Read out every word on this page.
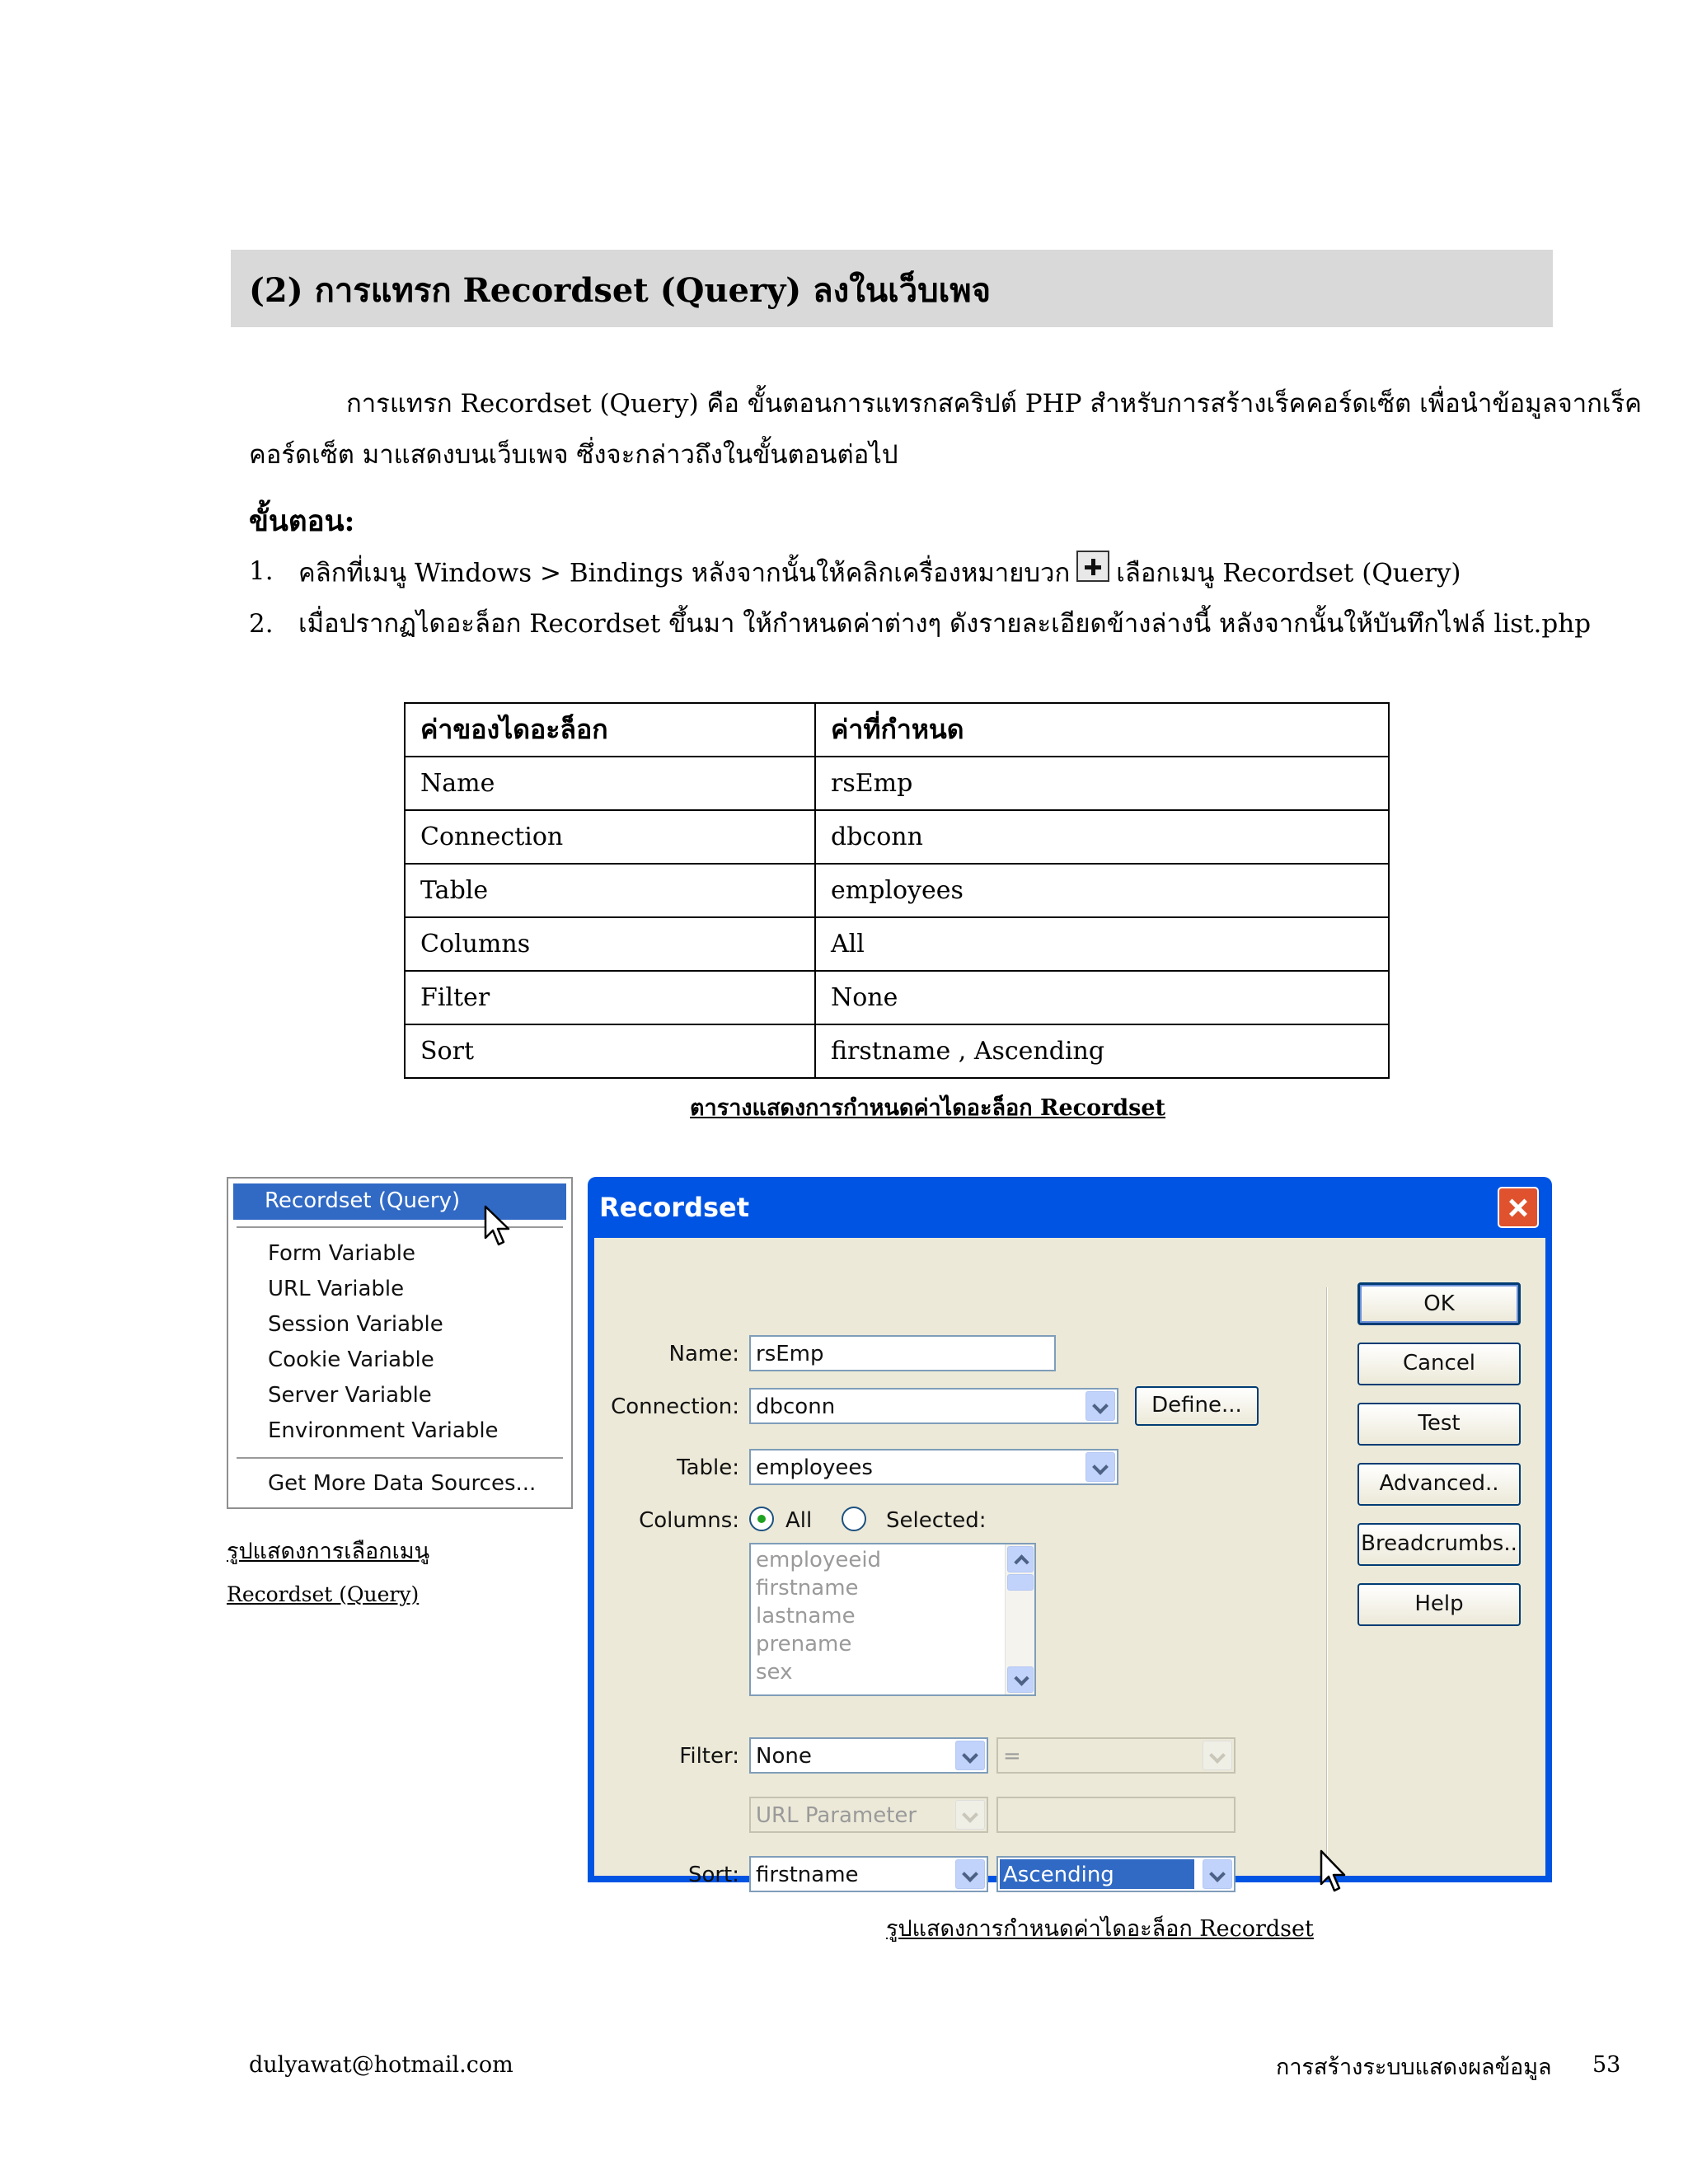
(2) การแทรก Recordset (Query) ลงในเว็บเพจ
การแทรก Recordset (Query) คือ ขั้นตอนการแทรกสคริปต์ PHP สำหรับการสร้างเร็คคอร์ดเซ็ต เพื่อนำข้อมูลจากเร็ค
คอร์ดเซ็ต มาแสดงบนเว็บเพจ ซึ่งจะกล่าวถึงในขั้นตอนต่อไป
ขั้นตอน:
1. คลิกที่เมนู Windows > Bindings หลังจากนั้นให้คลิกเครื่องหมายบวก เลือกเมนู Recordset (Query)
2. เมื่อปรากฏไดอะล็อก Recordset ขึ้นมา ให้กำหนดค่าต่างๆ ดังรายละเอียดข้างล่างนี้ หลังจากนั้นให้บันทึกไฟล์ list.php
ค่าของไดอะล็อก	ค่าที่กำหนด
Name	rsEmp
Connection	dbconn
Table	employees
Columns	All
Filter	None
Sort	firstname , Ascending
ตารางแสดงการกำหนดค่าไดอะล็อก Recordset
Recordset (Query)
Form Variable
URL Variable
Session Variable
Cookie Variable
Server Variable
Environment Variable
Get More Data Sources...
รูปแสดงการเลือกเมนู
Recordset (Query)
Recordset
Name: rsEmp
Connection: dbconn	Define...
Table: employees
Columns: All	Selected:
employeeid
firstname
lastname
prename
sex
Filter: None	=
URL Parameter
Sort: firstname	Ascending
OK
Cancel
Test
Advanced..
Breadcrumbs..
Help
รูปแสดงการกำหนดค่าไดอะล็อก Recordset
dulyawat@hotmail.com	การสร้างระบบแสดงผลข้อมูล 53
